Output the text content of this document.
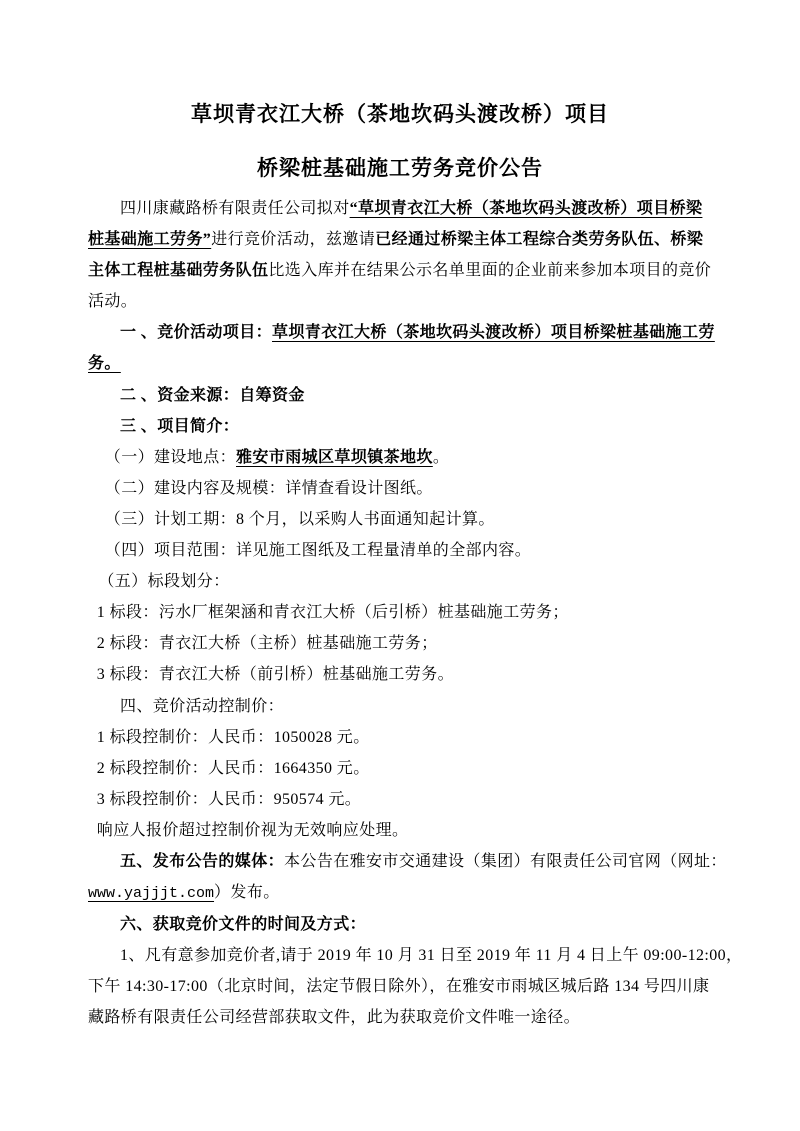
草坝青衣江大桥（茶地坎码头渡改桥）项目
桥梁桩基础施工劳务竞价公告

四川康藏路桥有限责任公司拟对“草坝青衣江大桥（茶地坎码头渡改桥）项目桥梁
桩基础施工劳务”进行竞价活动，兹邀请已经通过桥梁主体工程综合类劳务队伍、桥梁
主体工程桩基础劳务队伍比选入库并在结果公示名单里面的企业前来参加本项目的竞价
活动。

一 、竞价活动项目：草坝青衣江大桥（茶地坎码头渡改桥）项目桥梁桩基础施工劳
务。

二 、资金来源：自筹资金

三 、项目简介：

（一）建设地点：雅安市雨城区草坝镇茶地坎。

（二）建设内容及规模：详情查看设计图纸。

（三）计划工期：8 个月，以采购人书面通知起计算。

（四）项目范围：详见施工图纸及工程量清单的全部内容。

（五）标段划分：

1 标段：污水厂框架涵和青衣江大桥（后引桥）桩基础施工劳务；

2 标段：青衣江大桥（主桥）桩基础施工劳务；

3 标段：青衣江大桥（前引桥）桩基础施工劳务。

四、竞价活动控制价：

1 标段控制价：人民币：1050028 元。

2 标段控制价：人民币：1664350 元。

3 标段控制价：人民币：950574 元。

响应人报价超过控制价视为无效响应处理。

五、发布公告的媒体：本公告在雅安市交通建设（集团）有限责任公司官网（网址：
www.yajjjt.com）发布。

六、获取竞价文件的时间及方式：

1、凡有意参加竞价者,请于 2019 年 10 月 31 日至 2019 年 11 月 4 日上午 09:00-12:00，
下午 14:30-17:00（北京时间，法定节假日除外），在雅安市雨城区城后路 134 号四川康
藏路桥有限责任公司经营部获取文件，此为获取竞价文件唯一途径。
